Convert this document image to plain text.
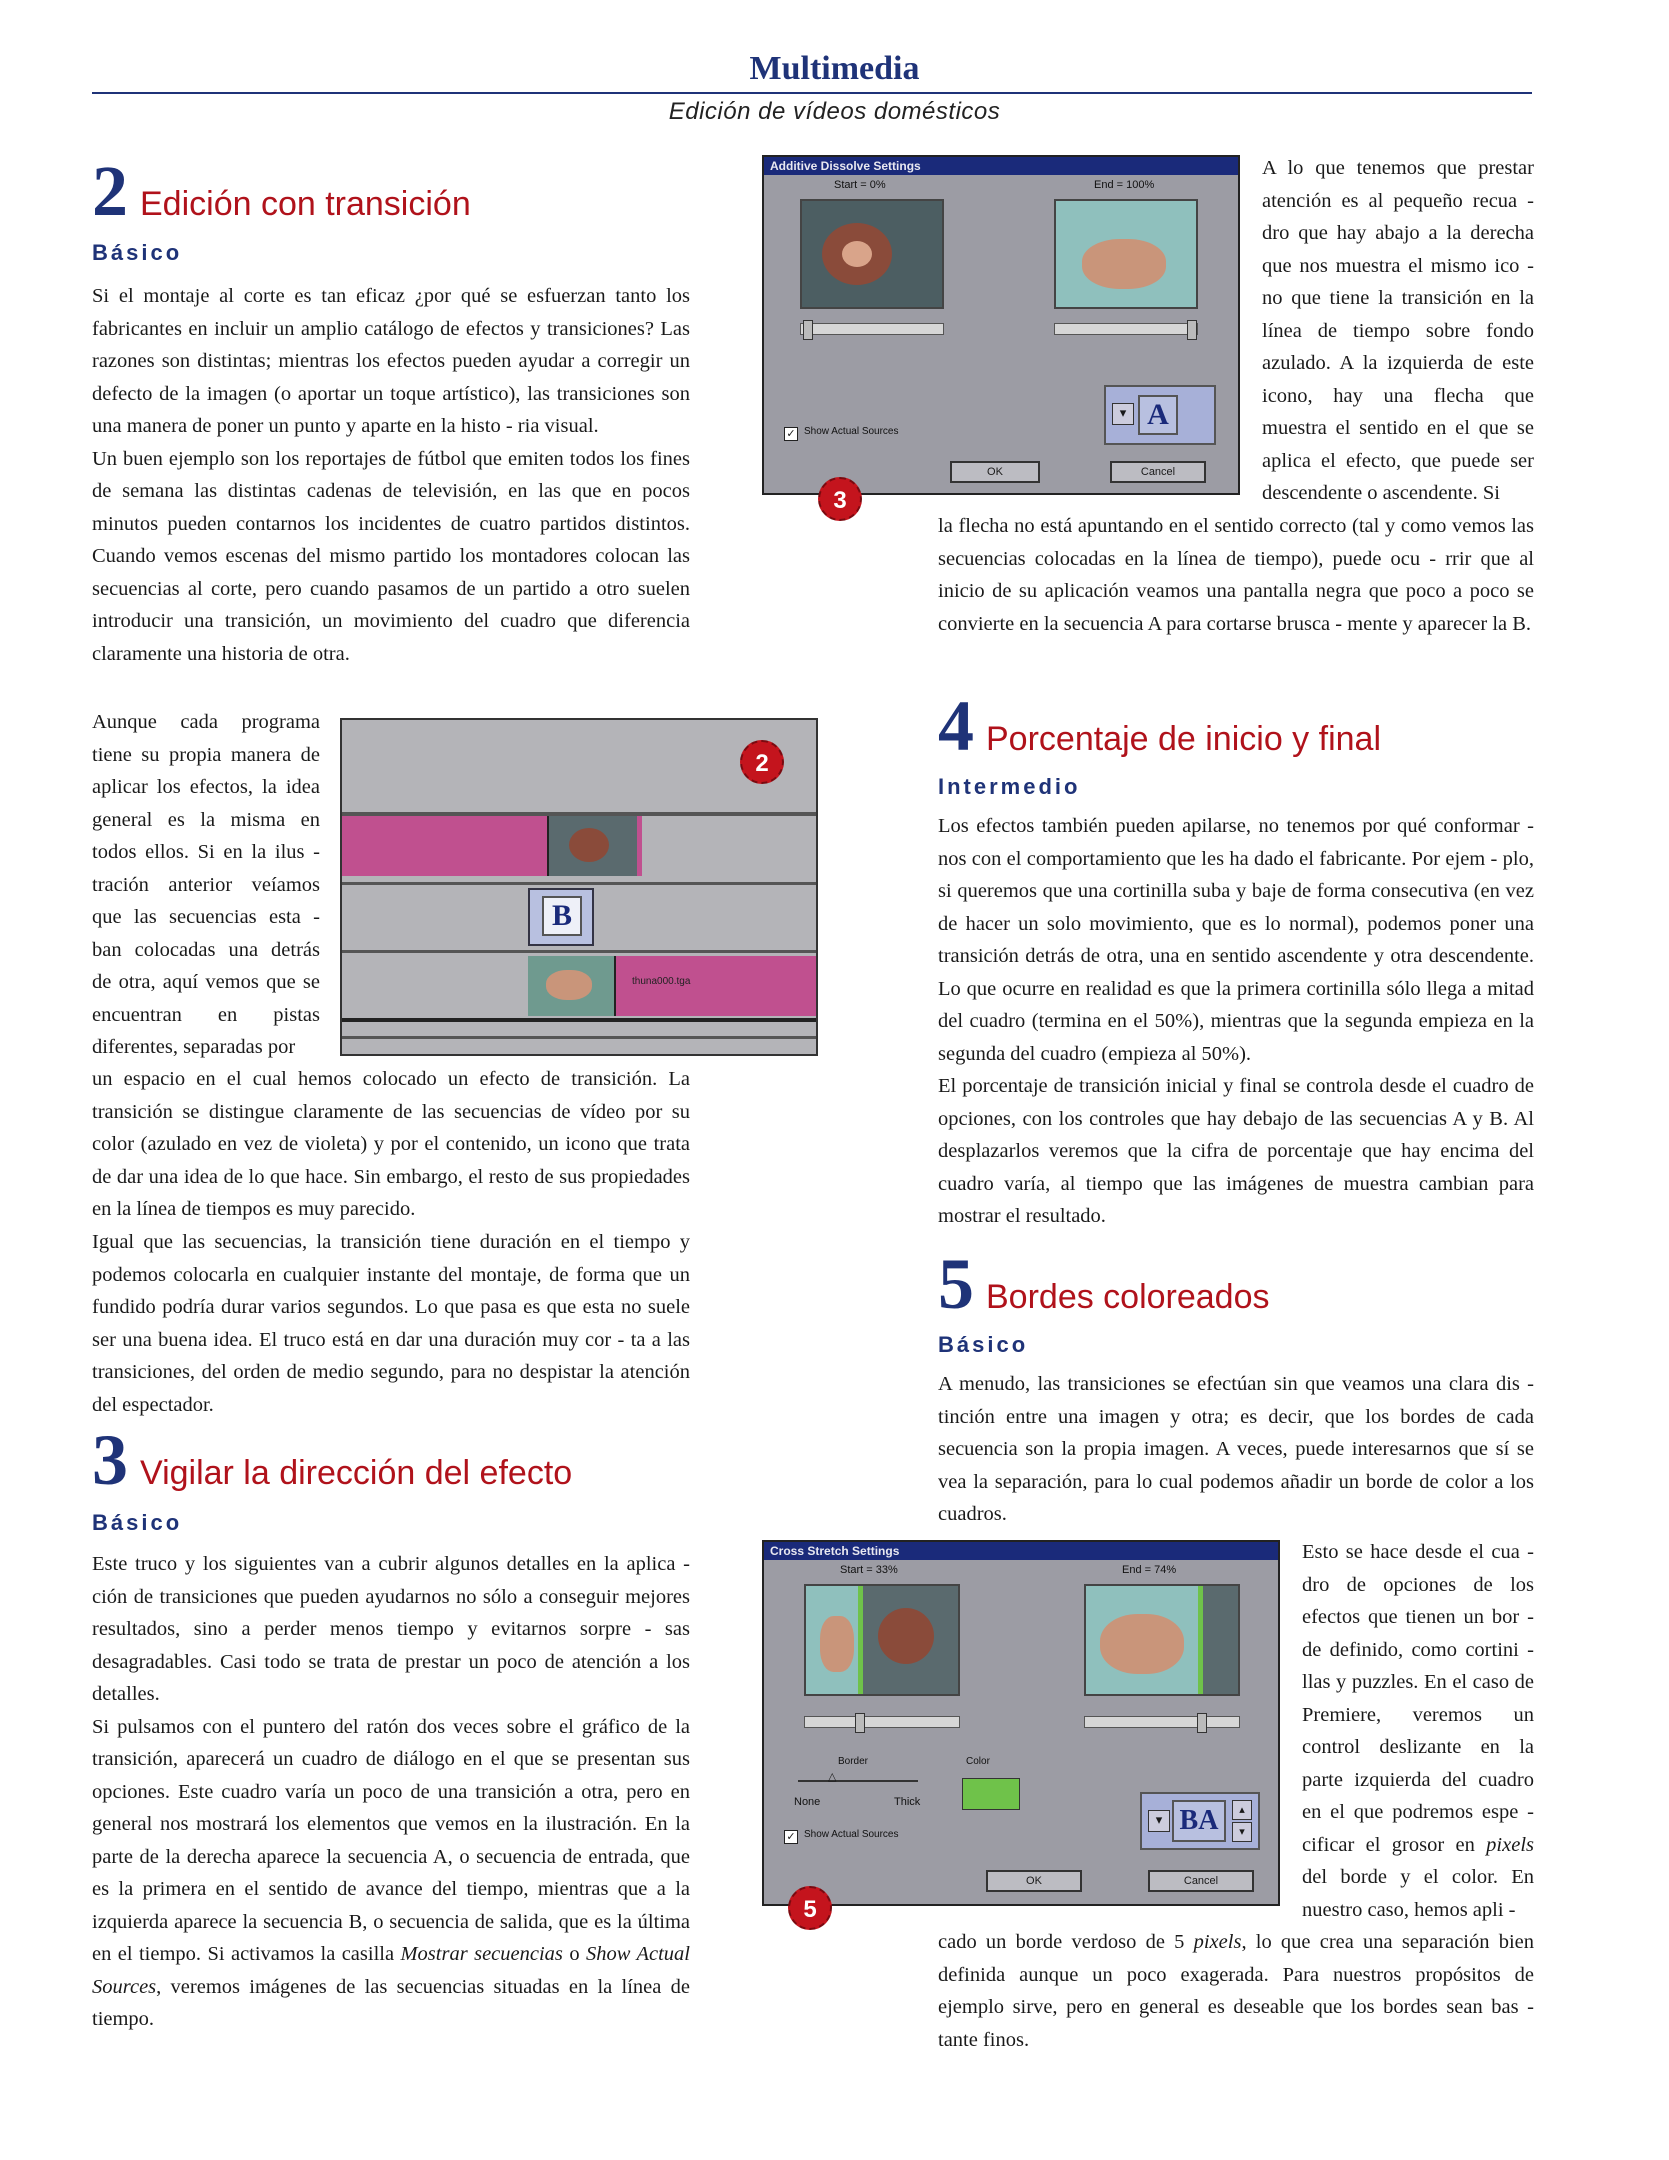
Multimedia
Edición de vídeos domésticos
2 Edición con transición
Básico

Si el montaje al corte es tan eficaz ¿por qué se esfuerzan tanto los fabricantes en incluir un amplio catálogo de efectos y transiciones? Las razones son distintas; mientras los efectos pueden ayudar a corregir un defecto de la imagen (o aportar un toque artístico), las transiciones son una manera de poner un punto y aparte en la histo - ria visual.

Un buen ejemplo son los reportajes de fútbol que emiten todos los fines de semana las distintas cadenas de televisión, en las que en pocos minutos pueden contarnos los incidentes de cuatro partidos distintos. Cuando vemos escenas del mismo partido los montadores colocan las secuencias al corte, pero cuando pasamos de un partido a otro suelen introducir una transición, un movimiento del cuadro que diferencia claramente una historia de otra.

Aunque cada programa tiene su propia manera de aplicar los efectos, la idea general es la misma en todos ellos. Si en la ilus - tración anterior veíamos que las secuencias esta - ban colocadas una detrás de otra, aquí vemos que se encuentran en pistas diferentes, separadas por
B
thuna000.tga
2
un espacio en el cual hemos colocado un efecto de transición. La transición se distingue claramente de las secuencias de vídeo por su color (azulado en vez de violeta) y por el contenido, un icono que trata de dar una idea de lo que hace. Sin embargo, el resto de sus propiedades en la línea de tiempos es muy parecido.
Igual que las secuencias, la transición tiene duración en el tiempo y podemos colocarla en cualquier instante del montaje, de forma que un fundido podría durar varios segundos. Lo que pasa es que esta no suele ser una buena idea. El truco está en dar una duración muy cor - ta a las transiciones, del orden de medio segundo, para no despistar la atención del espectador.
3 Vigilar la dirección del efecto
Básico

Este truco y los siguientes van a cubrir algunos detalles en la aplica - ción de transiciones que pueden ayudarnos no sólo a conseguir mejores resultados, sino a perder menos tiempo y evitarnos sorpre - sas desagradables. Casi todo se trata de prestar un poco de atención a los detalles.

Si pulsamos con el puntero del ratón dos veces sobre el gráfico de la transición, aparecerá un cuadro de diálogo en el que se presentan sus opciones. Este cuadro varía un poco de una transición a otra, pero en general nos mostrará los elementos que vemos en la ilustración. En la parte de la derecha aparece la secuencia A, o secuencia de entrada, que es la primera en el sentido de avance del tiempo, mientras que a la izquierda aparece la secuencia B, o secuencia de salida, que es la última en el tiempo. Si activamos la casilla Mostrar secuencias o Show Actual Sources, veremos imágenes de las secuencias situadas en la línea de tiempo.

Additive Dissolve Settings
Start = 0%	End = 100%
✓ Show Actual Sources
▾ A
OK	Cancel
3
A lo que tenemos que prestar atención es al pequeño recua - dro que hay abajo a la derecha que nos muestra el mismo ico - no que tiene la transición en la línea de tiempo sobre fondo azulado. A la izquierda de este icono, hay una flecha que muestra el sentido en el que se aplica el efecto, que puede ser descendente o ascendente. Si
la flecha no está apuntando en el sentido correcto (tal y como vemos las secuencias colocadas en la línea de tiempo), puede ocu - rrir que al inicio de su aplicación veamos una pantalla negra que poco a poco se convierte en la secuencia A para cortarse brusca - mente y aparecer la B.
4 Porcentaje de inicio y final
Intermedio

Los efectos también pueden apilarse, no tenemos por qué conformar - nos con el comportamiento que les ha dado el fabricante. Por ejem - plo, si queremos que una cortinilla suba y baje de forma consecutiva (en vez de hacer un solo movimiento, que es lo normal), podemos poner una transición detrás de otra, una en sentido ascendente y otra descendente. Lo que ocurre en realidad es que la primera cortinilla sólo llega a mitad del cuadro (termina en el 50%), mientras que la segunda empieza en la segunda del cuadro (empieza al 50%).

El porcentaje de transición inicial y final se controla desde el cuadro de opciones, con los controles que hay debajo de las secuencias A y B. Al desplazarlos veremos que la cifra de porcentaje que hay encima del cuadro varía, al tiempo que las imágenes de muestra cambian para mostrar el resultado.

5 Bordes coloreados
Básico
A menudo, las transiciones se efectúan sin que veamos una clara dis - tinción entre una imagen y otra; es decir, que los bordes de cada secuencia son la propia imagen. A veces, puede interesarnos que sí se vea la separación, para lo cual podemos añadir un borde de color a los cuadros.
Cross Stretch Settings
Start = 33%	End = 74%
Border	Color
△
None	Thick
✓ Show Actual Sources
▾ BA	▴
▾
OK	Cancel
5
Esto se hace desde el cua - dro de opciones de los efectos que tienen un bor - de definido, como cortini - llas y puzzles. En el caso de Premiere, veremos un control deslizante en la parte izquierda del cuadro en el que podremos espe - cificar el grosor en pixels del borde y el color. En nuestro caso, hemos apli -
cado un borde verdoso de 5 pixels, lo que crea una separación bien definida aunque un poco exagerada. Para nuestros propósitos de ejemplo sirve, pero en general es deseable que los bordes sean bas - tante finos.
